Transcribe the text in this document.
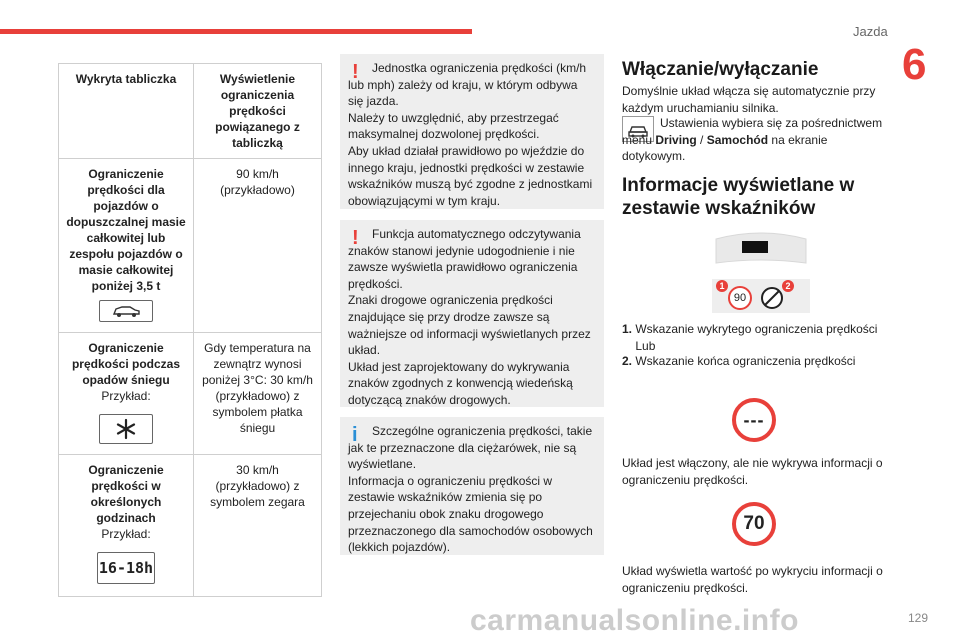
Jazda
6
Wykryta tabliczka	Wyświetlenie ograniczenia prędkości powiązanego z tabliczką

Ograniczenie prędkości dla pojazdów o dopuszczalnej masie całkowitej lub zespołu pojazdów o masie całkowitej poniżej 3,5 t	90 km/h (przykładowo)

Ograniczenie prędkości podczas opadów śniegu
Przykład:	Gdy temperatura na zewnątrz wynosi poniżej 3°C: 30 km/h (przykładowo) z symbolem płatka śniegu

Ograniczenie prędkości w określonych godzinach
Przykład:
16-18h	30 km/h (przykładowo) z symbolem zegara
!	Jednostka ograniczenia prędkości (km/h lub mph) zależy od kraju, w którym odbywa się jazda.
Należy to uwzględnić, aby przestrzegać maksymalnej dozwolonej prędkości.
Aby układ działał prawidłowo po wjeździe do innego kraju, jednostki prędkości w zestawie wskaźników muszą być zgodne z jednostkami obowiązującymi w tym kraju.
!	Funkcja automatycznego odczytywania znaków stanowi jedynie udogodnienie i nie zawsze wyświetla prawidłowo ograniczenia prędkości.
Znaki drogowe ograniczenia prędkości znajdujące się przy drodze zawsze są ważniejsze od informacji wyświetlanych przez układ.
Układ jest zaprojektowany do wykrywania znaków zgodnych z konwencją wiedeńską dotyczącą znaków drogowych.
i	Szczególne ograniczenia prędkości, takie jak te przeznaczone dla ciężarówek, nie są wyświetlane.
Informacja o ograniczeniu prędkości w zestawie wskaźników zmienia się po przejechaniu obok znaku drogowego przeznaczonego dla samochodów osobowych (lekkich pojazdów).
Włączanie/wyłączanie
Domyślnie układ włącza się automatycznie przy każdym uruchamianiu silnika.
Ustawienia wybiera się za pośrednictwem menu Driving / Samochód na ekranie dotykowym.
Informacje wyświetlane w zestawie wskaźników
90
1	2
1. Wskazanie wykrytego ograniczenia prędkości Lub
2. Wskazanie końca ograniczenia prędkości
---
Układ jest włączony, ale nie wykrywa informacji o ograniczeniu prędkości.
70
Układ wyświetla wartość po wykryciu informacji o ograniczeniu prędkości.
carmanualsonline.info	129
